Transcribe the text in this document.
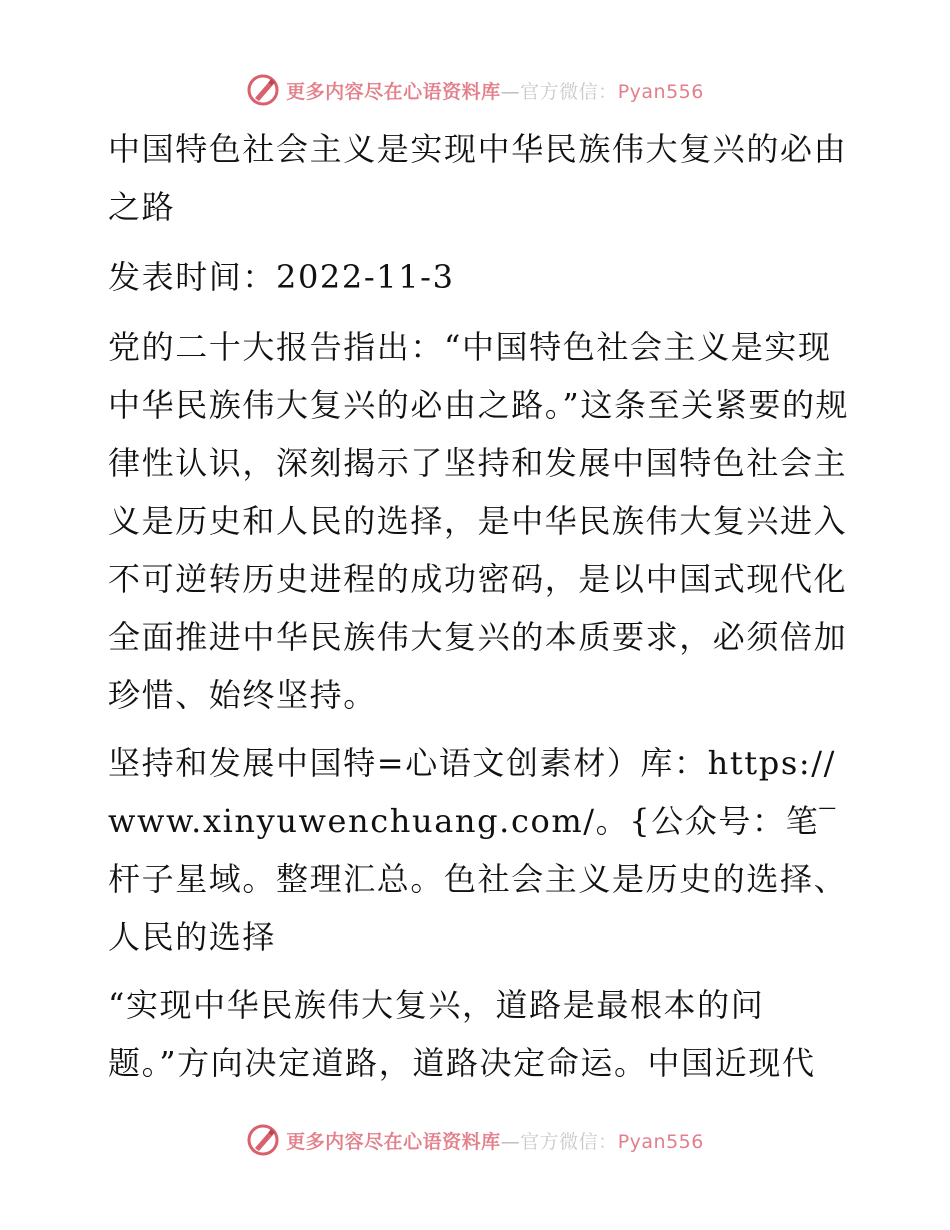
更多内容尽在心语资料库—官方微信：Pyan556

中国特色社会主义是实现中华民族伟大复兴的必由之路

发表时间：2022-11-3

党的二十大报告指出：“中国特色社会主义是实现中华民族伟大复兴的必由之路。”这条至关紧要的规律性认识，深刻揭示了坚持和发展中国特色社会主义是历史和人民的选择，是中华民族伟大复兴进入不可逆转历史进程的成功密码，是以中国式现代化全面推进中华民族伟大复兴的本质要求，必须倍加珍惜、始终坚持。

坚持和发展中国特=心语文创素材）库：https://www.xinyuwenchuang.com/。{公众号：笔‾杆子星域。整理汇总。色社会主义是历史的选择、人民的选择

“实现中华民族伟大复兴，道路是最根本的问题。”方向决定道路，道路决定命运。中国近现代

更多内容尽在心语资料库—官方微信：Pyan556
